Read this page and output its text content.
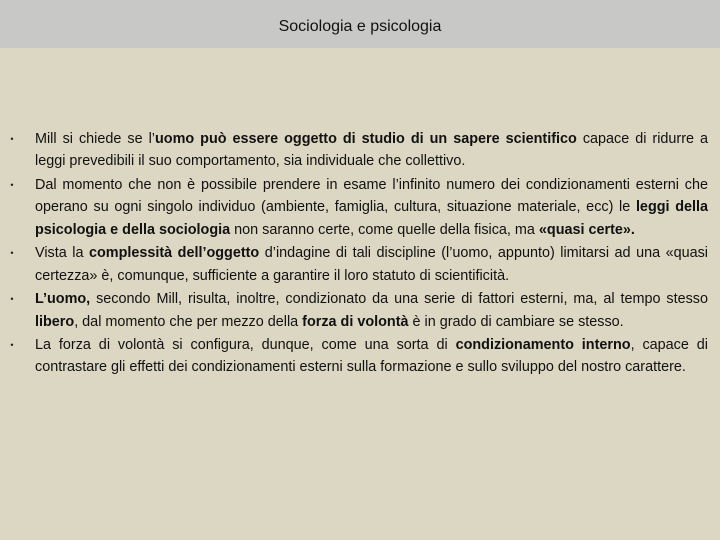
Sociologia e psicologia
•	Mill si chiede se l’uomo può essere oggetto di studio di un sapere scientifico capace di ridurre a leggi prevedibili il suo comportamento, sia individuale che collettivo.
•	Dal momento che non è possibile prendere in esame l’infinito numero dei condizionamenti esterni che operano su ogni singolo individuo (ambiente, famiglia, cultura, situazione materiale, ecc) le leggi della psicologia e della sociologia non saranno certe, come quelle della fisica, ma «quasi certe».
•	Vista la complessità dell’oggetto d’indagine di tali discipline (l’uomo, appunto) limitarsi ad una «quasi certezza» è, comunque, sufficiente a garantire il loro statuto di scientificità.
•	L’uomo, secondo Mill, risulta, inoltre, condizionato da una serie di fattori esterni, ma, al tempo stesso libero, dal momento che per mezzo della forza di volontà è in grado di cambiare se stesso.
•	La forza di volontà si configura, dunque, come una sorta di condizionamento interno, capace di contrastare gli effetti dei condizionamenti esterni sulla formazione e sullo sviluppo del nostro carattere.
